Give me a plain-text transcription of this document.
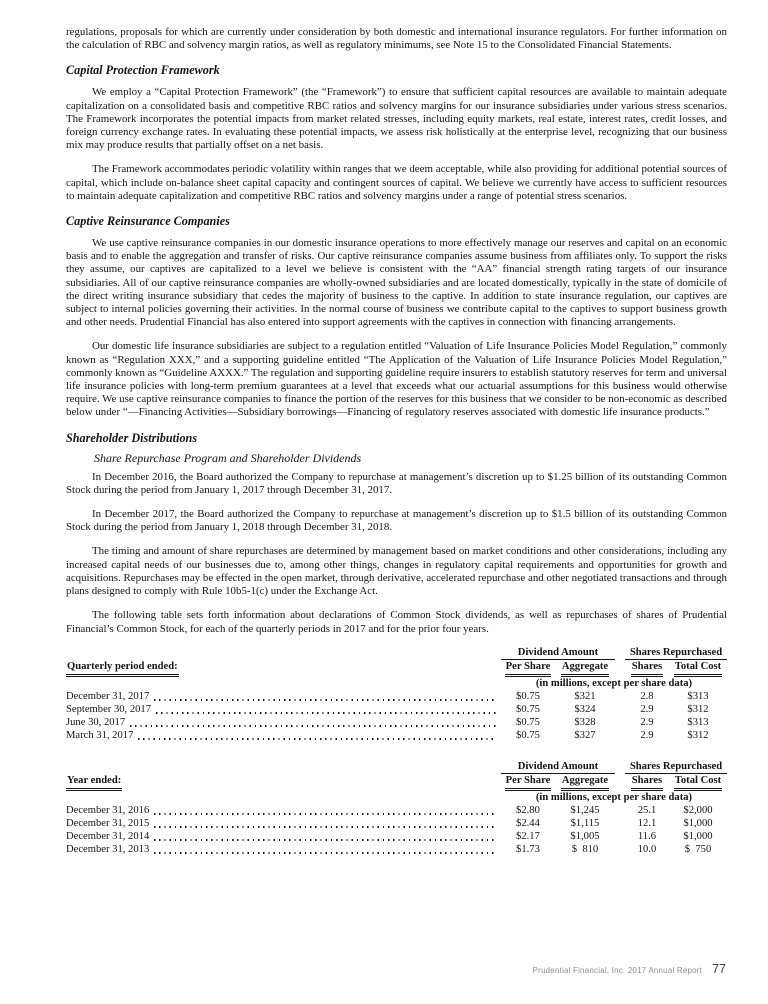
regulations, proposals for which are currently under consideration by both domestic and international insurance regulators. For further information on the calculation of RBC and solvency margin ratios, as well as regulatory minimums, see Note 15 to the Consolidated Financial Statements.

Capital Protection Framework

We employ a “Capital Protection Framework” (the “Framework”) to ensure that sufficient capital resources are available to maintain adequate capitalization on a consolidated basis and competitive RBC ratios and solvency margins for our insurance subsidiaries under various stress scenarios. The Framework incorporates the potential impacts from market related stresses, including equity markets, real estate, interest rates, credit losses, and foreign currency exchange rates. In evaluating these potential impacts, we assess risk holistically at the enterprise level, recognizing that our business mix may produce results that partially offset on a net basis.

The Framework accommodates periodic volatility within ranges that we deem acceptable, while also providing for additional potential sources of capital, which include on-balance sheet capital capacity and contingent sources of capital. We believe we currently have access to sufficient resources to maintain adequate capitalization and competitive RBC ratios and solvency margins under a range of potential stress scenarios.

Captive Reinsurance Companies

We use captive reinsurance companies in our domestic insurance operations to more effectively manage our reserves and capital on an economic basis and to enable the aggregation and transfer of risks. Our captive reinsurance companies assume business from affiliates only. To support the risks they assume, our captives are capitalized to a level we believe is consistent with the “AA” financial strength rating targets of our insurance subsidiaries. All of our captive reinsurance companies are wholly-owned subsidiaries and are located domestically, typically in the state of domicile of the direct writing insurance subsidiary that cedes the majority of business to the captive. In addition to state insurance regulation, our captives are subject to internal policies governing their activities. In the normal course of business we contribute capital to the captives to support business growth and other needs. Prudential Financial has also entered into support agreements with the captives in connection with financing arrangements.

Our domestic life insurance subsidiaries are subject to a regulation entitled “Valuation of Life Insurance Policies Model Regulation,” commonly known as “Regulation XXX,” and a supporting guideline entitled “The Application of the Valuation of Life Insurance Policies Model Regulation,” commonly known as “Guideline AXXX.” The regulation and supporting guideline require insurers to establish statutory reserves for term and universal life insurance policies with long-term premium guarantees at a level that exceeds what our actuarial assumptions for this business would otherwise require. We use captive reinsurance companies to finance the portion of the reserves for this business that we consider to be non-economic as described below under “—Financing Activities—Subsidiary borrowings—Financing of regulatory reserves associated with domestic life insurance products.”

Shareholder Distributions
Share Repurchase Program and Shareholder Dividends

In December 2016, the Board authorized the Company to repurchase at management’s discretion up to $1.25 billion of its outstanding Common Stock during the period from January 1, 2017 through December 31, 2017.

In December 2017, the Board authorized the Company to repurchase at management’s discretion up to $1.5 billion of its outstanding Common Stock during the period from January 1, 2018 through December 31, 2018.

The timing and amount of share repurchases are determined by management based on market conditions and other considerations, including any increased capital needs of our businesses due to, among other things, changes in regulatory capital requirements and opportunities for growth and acquisitions. Repurchases may be effected in the open market, through derivative, accelerated repurchase and other negotiated transactions and through plans designed to comply with Rule 10b5-1(c) under the Exchange Act.

The following table sets forth information about declarations of Common Stock dividends, as well as repurchases of shares of Prudential Financial’s Common Stock, for each of the quarterly periods in 2017 and for the prior four years.

	Dividend Amount			Shares Repurchased	
Quarterly period ended:	Per Share	Aggregate		Shares	Total Cost
	(in millions, except per share data)				

December 31, 2017	$0.75	$321		2.8	$313

September 30, 2017	$0.75	$324		2.9	$312

June 30, 2017	$0.75	$328		2.9	$313

March 31, 2017	$0.75	$327		2.9	$312
	Dividend Amount			Shares Repurchased	
Year ended:	Per Share	Aggregate		Shares	Total Cost
	(in millions, except per share data)				

December 31, 2016	$2.80	$1,245		25.1	$2,000

December 31, 2015	$2.44	$1,115		12.1	$1,000

December 31, 2014	$2.17	$1,005		11.6	$1,000

December 31, 2013	$1.73	$  810		10.0	$  750
Prudential Financial, Inc. 2017 Annual Report 77
